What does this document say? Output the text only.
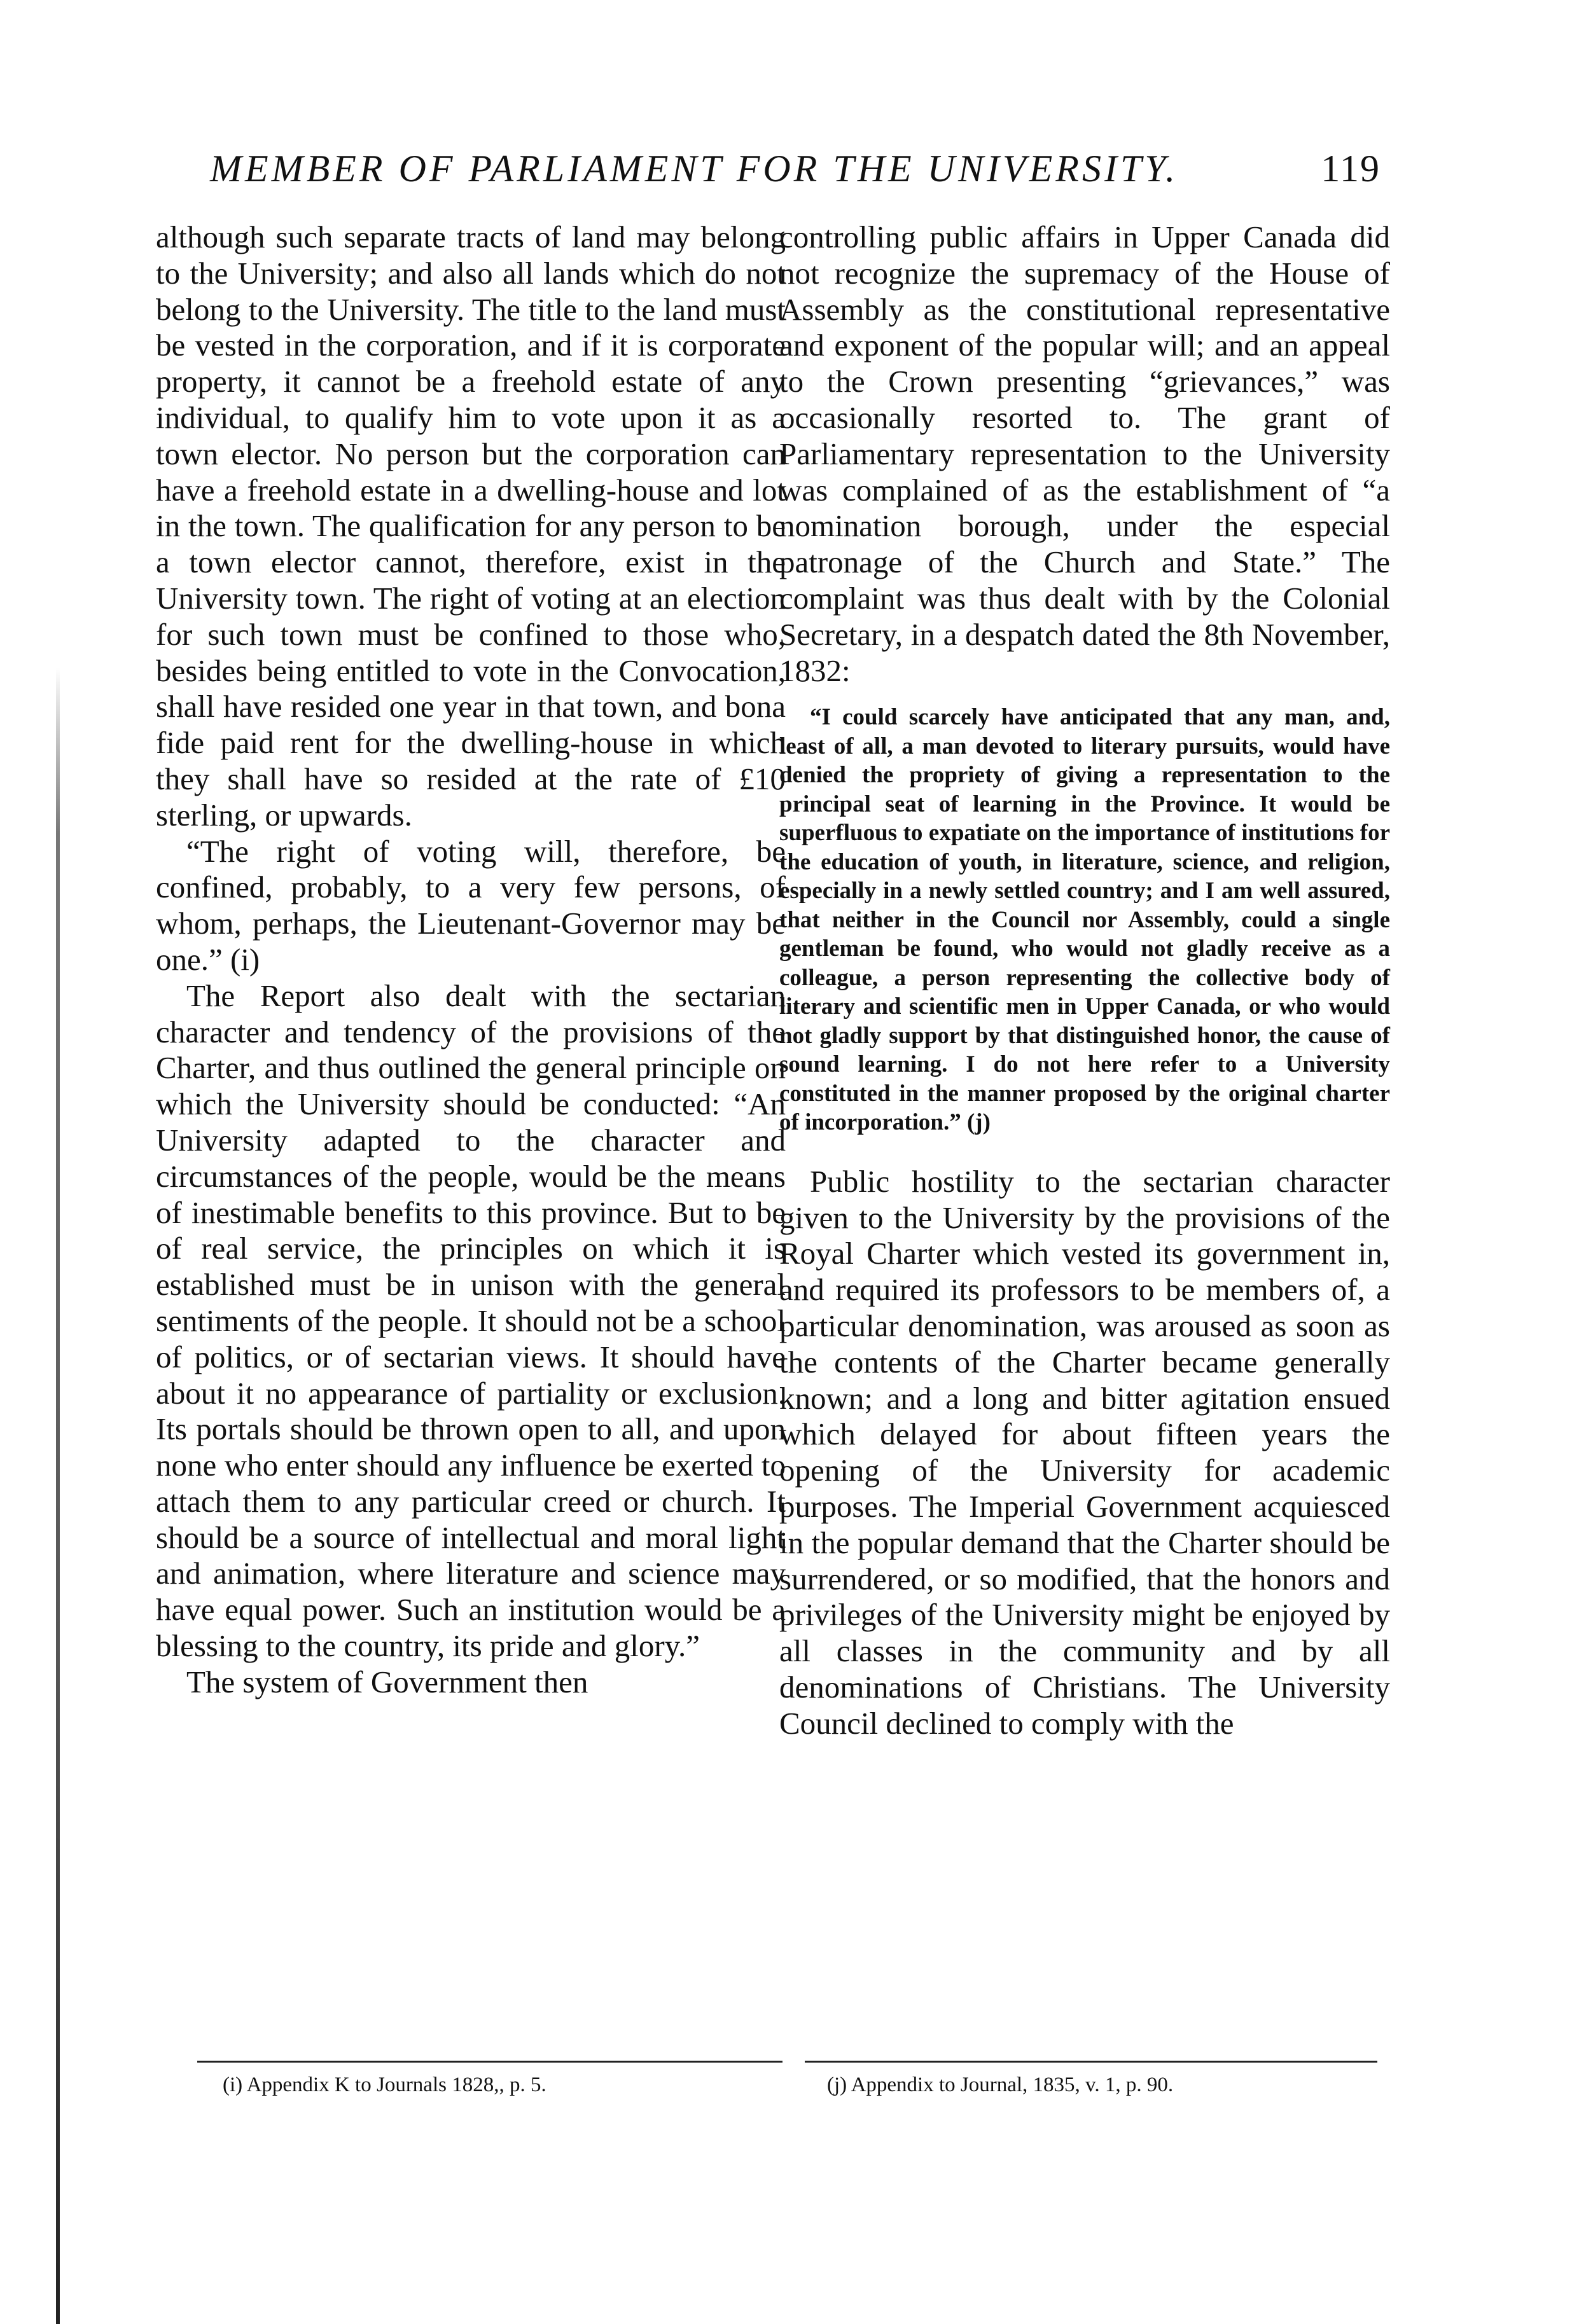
MEMBER OF PARLIAMENT FOR THE UNIVERSITY.	119

although such separate tracts of land may belong to the University; and also all lands which do not belong to the University. The title to the land must be vested in the corporation, and if it is corporate property, it cannot be a freehold estate of any individual, to qualify him to vote upon it as a town elector. No person but the corporation can have a freehold estate in a dwelling-house and lot in the town. The qualification for any person to be a town elector cannot, therefore, exist in the University town. The right of voting at an election for such town must be confined to those who, besides being entitled to vote in the Convocation, shall have resided one year in that town, and bona fide paid rent for the dwelling-house in which they shall have so resided at the rate of £10 sterling, or upwards.

“The right of voting will, therefore, be confined, probably, to a very few persons, of whom, perhaps, the Lieutenant-Governor may be one.” (i)

The Report also dealt with the sectarian character and tendency of the provisions of the Charter, and thus outlined the general principle on which the University should be conducted: “An University adapted to the character and circumstances of the people, would be the means of inestimable benefits to this province. But to be of real service, the principles on which it is established must be in unison with the general sentiments of the people. It should not be a school of politics, or of sectarian views. It should have about it no appearance of partiality or exclusion. Its portals should be thrown open to all, and upon none who enter should any influence be exerted to attach them to any particular creed or church. It should be a source of intellectual and moral light and animation, where literature and science may have equal power. Such an institution would be a blessing to the country, its pride and glory.”

The system of Government then

controlling public affairs in Upper Canada did not recognize the supremacy of the House of Assembly as the constitutional representative and exponent of the popular will; and an appeal to the Crown presenting “grievances,” was occasionally resorted to. The grant of Parliamentary representation to the University was complained of as the establishment of “a nomination borough, under the especial patronage of the Church and State.” The complaint was thus dealt with by the Colonial Secretary, in a despatch dated the 8th November, 1832:

“I could scarcely have anticipated that any man, and, least of all, a man devoted to literary pursuits, would have denied the propriety of giving a representation to the principal seat of learning in the Province. It would be superfluous to expatiate on the importance of institutions for the education of youth, in literature, science, and religion, especially in a newly settled country; and I am well assured, that neither in the Council nor Assembly, could a single gentleman be found, who would not gladly receive as a colleague, a person representing the collective body of literary and scientific men in Upper Canada, or who would not gladly support by that distinguished honor, the cause of sound learning. I do not here refer to a University constituted in the manner proposed by the original charter of incorporation.” (j)

Public hostility to the sectarian character given to the University by the provisions of the Royal Charter which vested its government in, and required its professors to be members of, a particular denomination, was aroused as soon as the contents of the Charter became generally known; and a long and bitter agitation ensued which delayed for about fifteen years the opening of the University for academic purposes. The Imperial Government acquiesced in the popular demand that the Charter should be surrendered, or so modified, that the honors and privileges of the University might be enjoyed by all classes in the community and by all denominations of Christians. The University Council declined to comply with the

(i) Appendix K to Journals 1828,, p. 5.	(j) Appendix to Journal, 1835, v. 1, p. 90.
